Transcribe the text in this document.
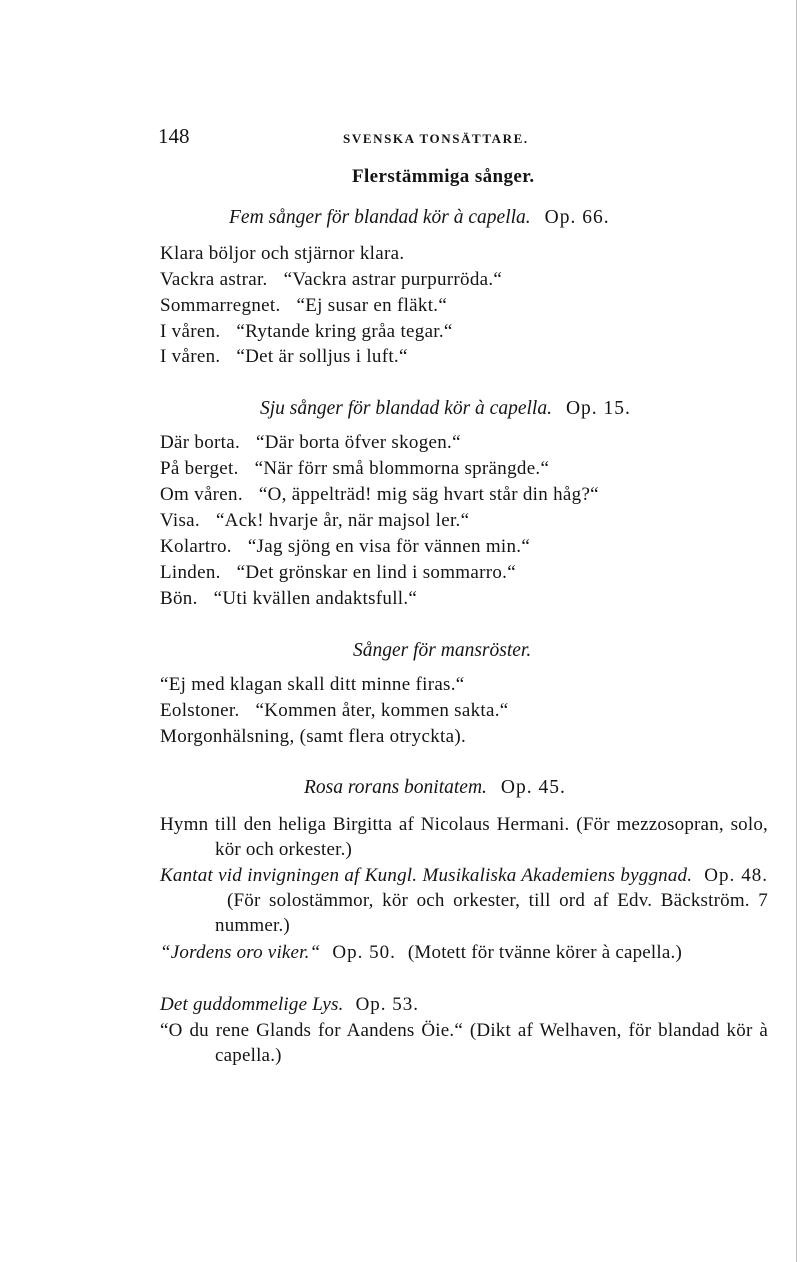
148	SVENSKA TONSÄTTARE.
Flerstämmiga sånger.
Fem sånger för blandad kör à capella. Op. 66.
Klara böljor och stjärnor klara.
Vackra astrar. “Vackra astrar purpurröda.“
Sommarregnet. “Ej susar en fläkt.“
I våren. “Rytande kring gråa tegar.“
I våren. “Det är solljus i luft.“
Sju sånger för blandad kör à capella. Op. 15.
Där borta. “Där borta öfver skogen.“
På berget. “När förr små blommorna sprängde.“
Om våren. “O, äppelträd! mig säg hvart står din håg?“
Visa. “Ack! hvarje år, när majsol ler.“
Kolartro. “Jag sjöng en visa för vännen min.“
Linden. “Det grönskar en lind i sommarro.“
Bön. “Uti kvällen andaktsfull.“
Sånger för mansröster.
“Ej med klagan skall ditt minne firas.“
Eolstoner. “Kommen åter, kommen sakta.“
Morgonhälsning, (samt flera otryckta).
Rosa rorans bonitatem. Op. 45.
Hymn till den heliga Birgitta af Nicolaus Hermani. (För mezzosopran, solo, kör och orkester.)
Kantat vid invigningen af Kungl. Musikaliska Akademiens byggnad. Op. 48.(För solostämmor, kör och orkester, till ord af Edv. Bäckström. 7 nummer.)
“Jordens oro viker.“ Op. 50. (Motett för tvänne körer à capella.)
Det guddommelige Lys. Op. 53.
“O du rene Glands for Aandens Öie.“ (Dikt af Welhaven, för blandad kör à capella.)
